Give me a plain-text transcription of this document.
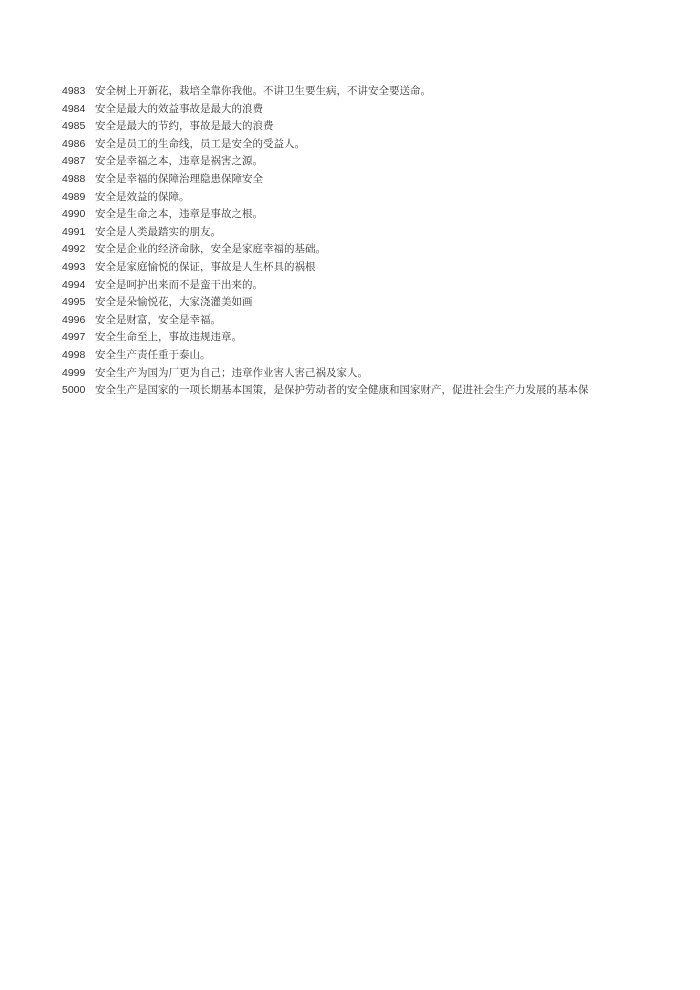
4983 安全树上开新花，栽培全靠你我他。不讲卫生要生病，不讲安全要送命。
4984 安全是最大的效益事故是最大的浪费
4985 安全是最大的节约，事故是最大的浪费
4986 安全是员工的生命线，员工是安全的受益人。
4987 安全是幸福之本，违章是祸害之源。
4988 安全是幸福的保障治理隐患保障安全
4989 安全是效益的保障。
4990 安全是生命之本，违章是事故之根。
4991 安全是人类最踏实的朋友。
4992 安全是企业的经济命脉，安全是家庭幸福的基础。
4993 安全是家庭愉悦的保证，事故是人生杯具的祸根
4994 安全是呵护出来而不是蛮干出来的。
4995 安全是朵愉悦花，大家浇灌美如画
4996 安全是财富，安全是幸福。
4997 安全生命至上，事故违规违章。
4998 安全生产责任重于泰山。
4999 安全生产为国为厂更为自己；违章作业害人害己祸及家人。
5000 安全生产是国家的一项长期基本国策，是保护劳动者的安全健康和国家财产，促进社会生产力发展的基本保
